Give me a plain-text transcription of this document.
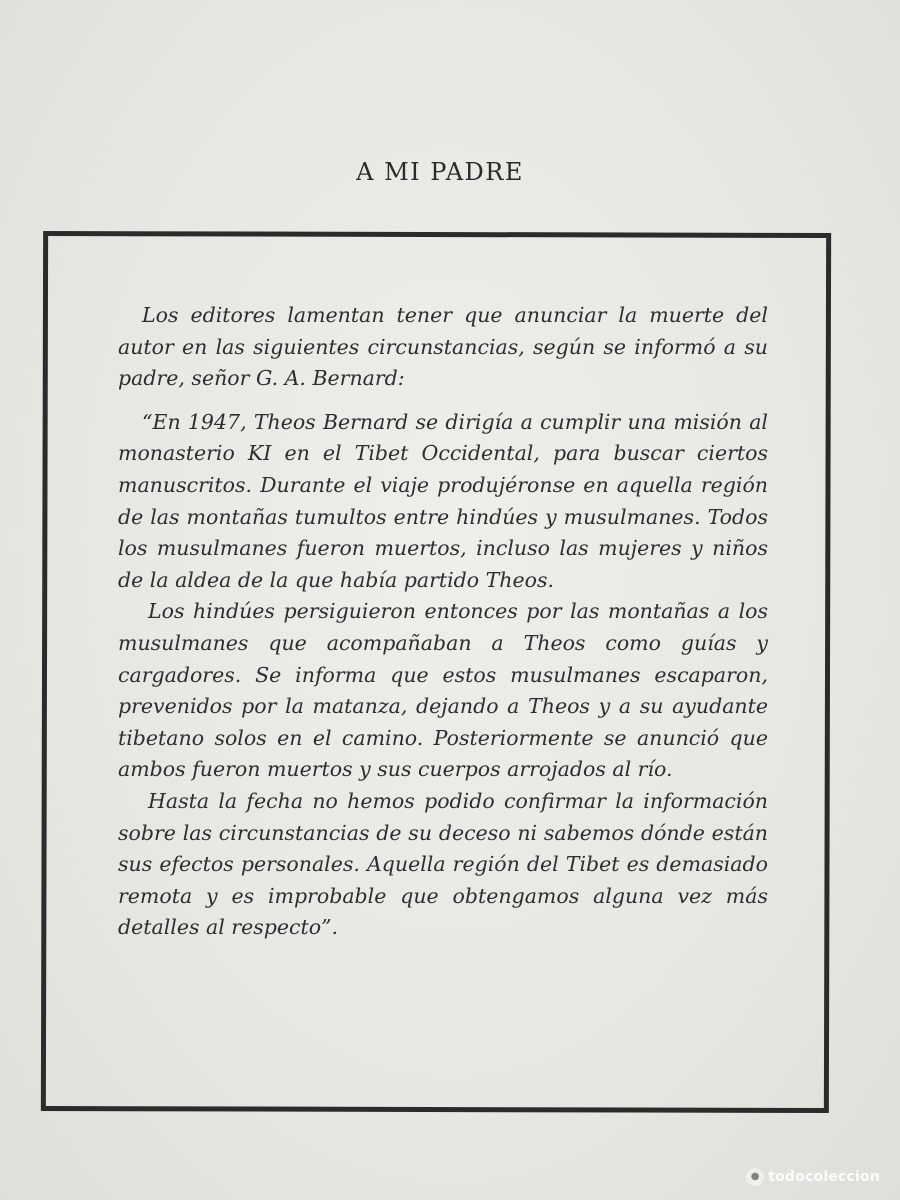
A MI PADRE

Los editores lamentan tener que anunciar la muerte del autor en las siguientes circunstancias, según se informó a su padre, señor G. A. Bernard:

“En 1947, Theos Bernard se dirigía a cumplir una misión al monasterio KI en el Tibet Occidental, para buscar ciertos manuscritos. Durante el viaje produjéronse en aquella región de las montañas tumultos entre hindúes y musulmanes. Todos los musulmanes fueron muertos, incluso las mujeres y niños de la aldea de la que había partido Theos.

Los hindúes persiguieron entonces por las montañas a los musulmanes que acompañaban a Theos como guías y cargadores. Se informa que estos musulmanes escaparon, prevenidos por la matanza, dejando a Theos y a su ayudante tibetano solos en el camino. Posteriormente se anunció que ambos fueron muertos y sus cuerpos arrojados al río.

Hasta la fecha no hemos podido confirmar la información sobre las circunstancias de su deceso ni sabemos dónde están sus efectos personales. Aquella región del Tibet es demasiado remota y es improbable que obtengamos alguna vez más detalles al respecto”.

● todocoleccion
